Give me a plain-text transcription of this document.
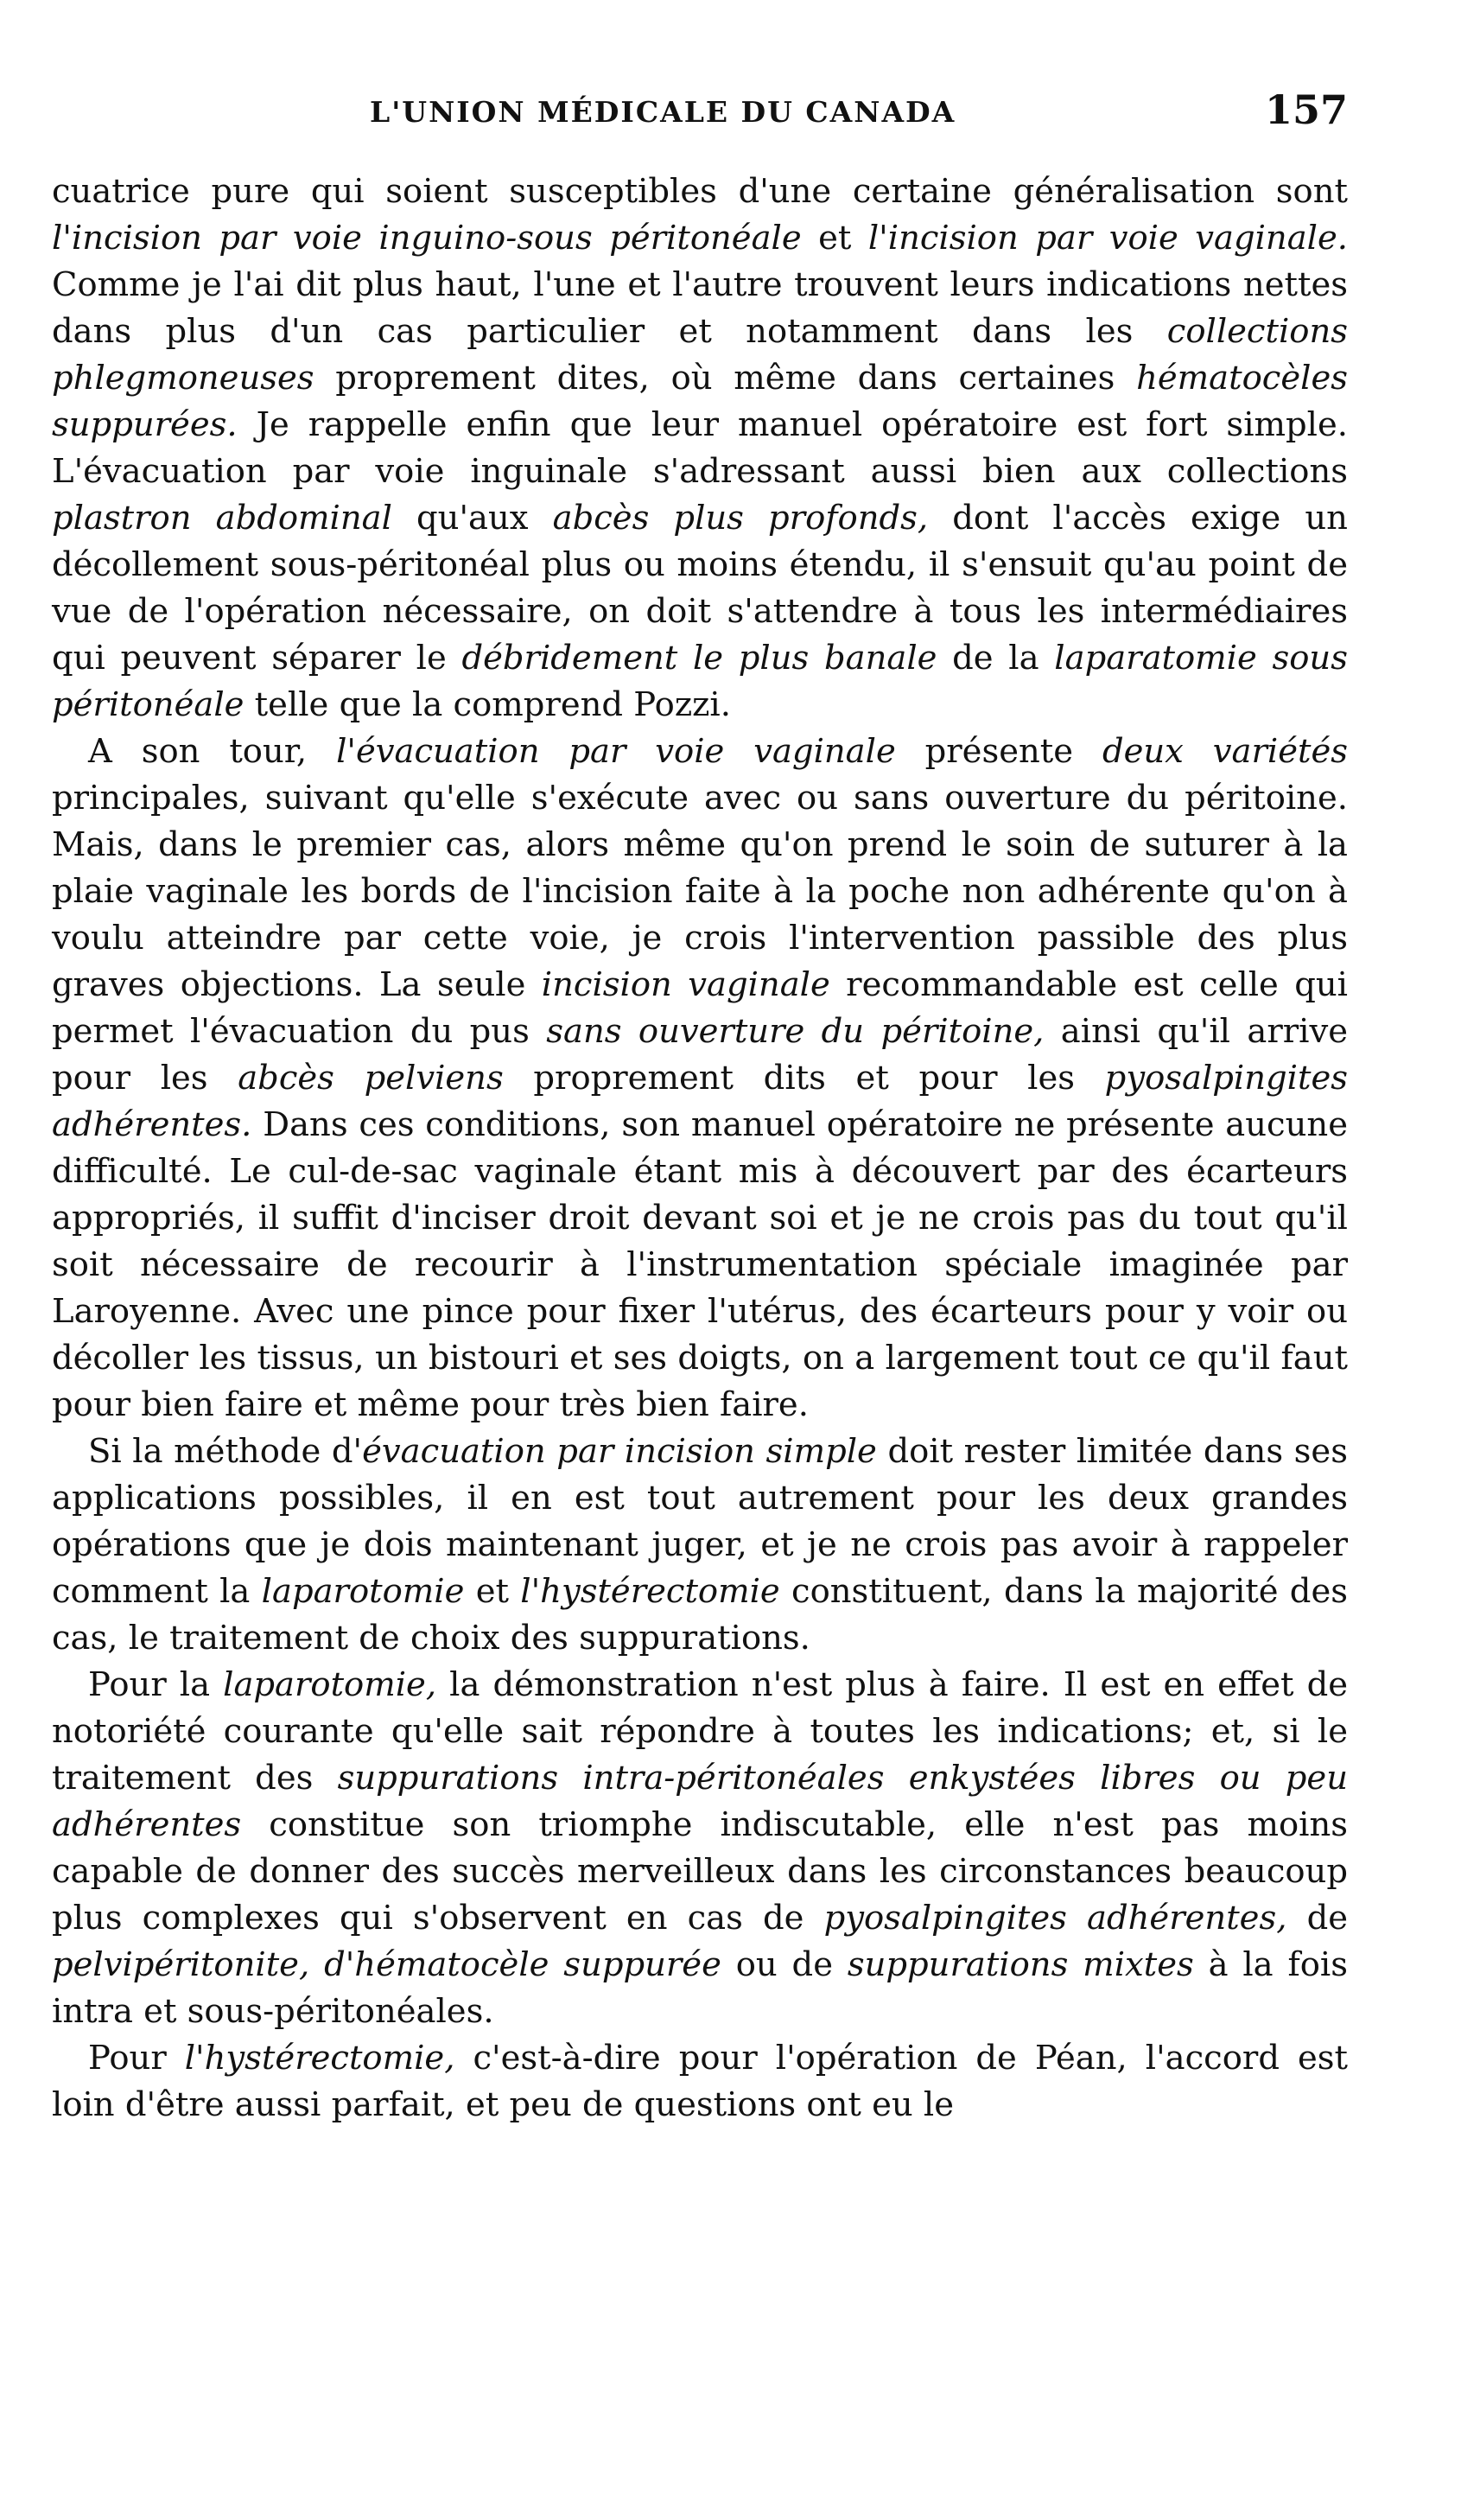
L'UNION MÉDICALE DU CANADA	157

cuatrice pure qui soient susceptibles d'une certaine généralisation sont l'incision par voie inguino-sous péritonéale et l'incision par voie vaginale. Comme je l'ai dit plus haut, l'une et l'autre trouvent leurs indications nettes dans plus d'un cas particulier et notamment dans les collections phlegmoneuses proprement dites, où même dans certaines hématocèles suppurées. Je rappelle enfin que leur manuel opératoire est fort simple. L'évacuation par voie inguinale s'adressant aussi bien aux collections plastron abdominal qu'aux abcès plus profonds, dont l'accès exige un décollement sous-péritonéal plus ou moins étendu, il s'ensuit qu'au point de vue de l'opération nécessaire, on doit s'attendre à tous les intermédiaires qui peuvent séparer le débridement le plus banale de la laparatomie sous péritonéale telle que la comprend Pozzi.

A son tour, l'évacuation par voie vaginale présente deux variétés principales, suivant qu'elle s'exécute avec ou sans ouverture du péritoine. Mais, dans le premier cas, alors même qu'on prend le soin de suturer à la plaie vaginale les bords de l'incision faite à la poche non adhérente qu'on à voulu atteindre par cette voie, je crois l'intervention passible des plus graves objections. La seule incision vaginale recommandable est celle qui permet l'évacuation du pus sans ouverture du péritoine, ainsi qu'il arrive pour les abcès pelviens proprement dits et pour les pyosalpingites adhérentes. Dans ces conditions, son manuel opératoire ne présente aucune difficulté. Le cul-de-sac vaginale étant mis à découvert par des écarteurs appropriés, il suffit d'inciser droit devant soi et je ne crois pas du tout qu'il soit nécessaire de recourir à l'instrumentation spéciale imaginée par Laroyenne. Avec une pince pour fixer l'utérus, des écarteurs pour y voir ou décoller les tissus, un bistouri et ses doigts, on a largement tout ce qu'il faut pour bien faire et même pour très bien faire.

Si la méthode d'évacuation par incision simple doit rester limitée dans ses applications possibles, il en est tout autrement pour les deux grandes opérations que je dois maintenant juger, et je ne crois pas avoir à rappeler comment la laparotomie et l'hystérectomie constituent, dans la majorité des cas, le traitement de choix des suppurations.

Pour la laparotomie, la démonstration n'est plus à faire. Il est en effet de notoriété courante qu'elle sait répondre à toutes les indications; et, si le traitement des suppurations intra-péritonéales enkystées libres ou peu adhérentes constitue son triomphe indiscutable, elle n'est pas moins capable de donner des succès merveilleux dans les circonstances beaucoup plus complexes qui s'observent en cas de pyosalpingites adhérentes, de pelvipéritonite, d'hématocèle suppurée ou de suppurations mixtes à la fois intra et sous-péritonéales.

Pour l'hystérectomie, c'est-à-dire pour l'opération de Péan, l'accord est loin d'être aussi parfait, et peu de questions ont eu le
